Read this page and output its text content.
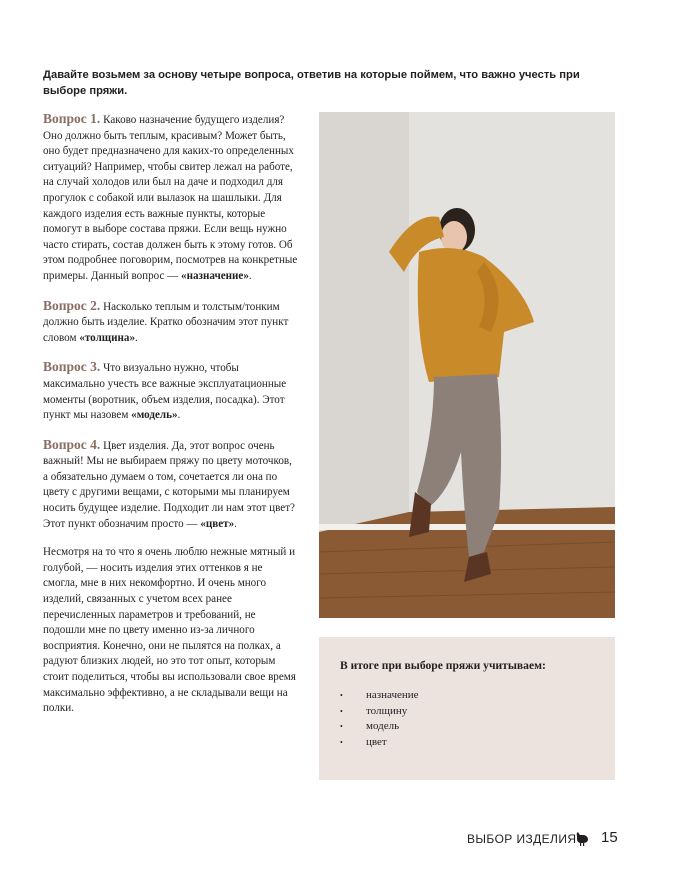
Давайте возьмем за основу четыре вопроса, ответив на которые поймем, что важно учесть при выборе пряжи.

Вопрос 1. Каково назначение будущего изделия? Оно должно быть теплым, красивым? Может быть, оно будет предназначено для каких-то определенных ситуаций? Например, чтобы свитер лежал на работе, на случай холодов или был на даче и подходил для прогулок с собакой или вылазок на шашлыки. Для каждого изделия есть важные пункты, которые помогут в выборе состава пряжи. Если вещь нужно часто стирать, состав должен быть к этому готов. Об этом подробнее поговорим, посмотрев на конкретные примеры. Данный вопрос — «назначение».

Вопрос 2. Насколько теплым и толстым/тонким должно быть изделие. Кратко обозначим этот пункт словом «толщина».

Вопрос 3. Что визуально нужно, чтобы максимально учесть все важные эксплуатационные моменты (воротник, объем изделия, посадка). Этот пункт мы назовем «модель».

Вопрос 4. Цвет изделия. Да, этот вопрос очень важный! Мы не выбираем пряжу по цвету моточков, а обязательно думаем о том, сочетается ли она по цвету с другими вещами, с которыми мы планируем носить будущее изделие. Подходит ли нам этот цвет? Этот пункт обозначим просто — «цвет».

Несмотря на то что я очень люблю нежные мятный и голубой, — носить изделия этих оттенков я не смогла, мне в них некомфортно. И очень много изделий, связанных с учетом всех ранее перечисленных параметров и требований, не подошли мне по цвету именно из-за личного восприятия. Конечно, они не пылятся на полках, а радуют близких людей, но это тот опыт, которым стоит поделиться, чтобы вы использовали свое время максимально эффективно, а не складывали вещи на полки.

В итоге при выборе пряжи учитываем:
•	назначение
•	толщину
•	модель
•	цвет
ВЫБОР ИЗДЕЛИЯ 15
